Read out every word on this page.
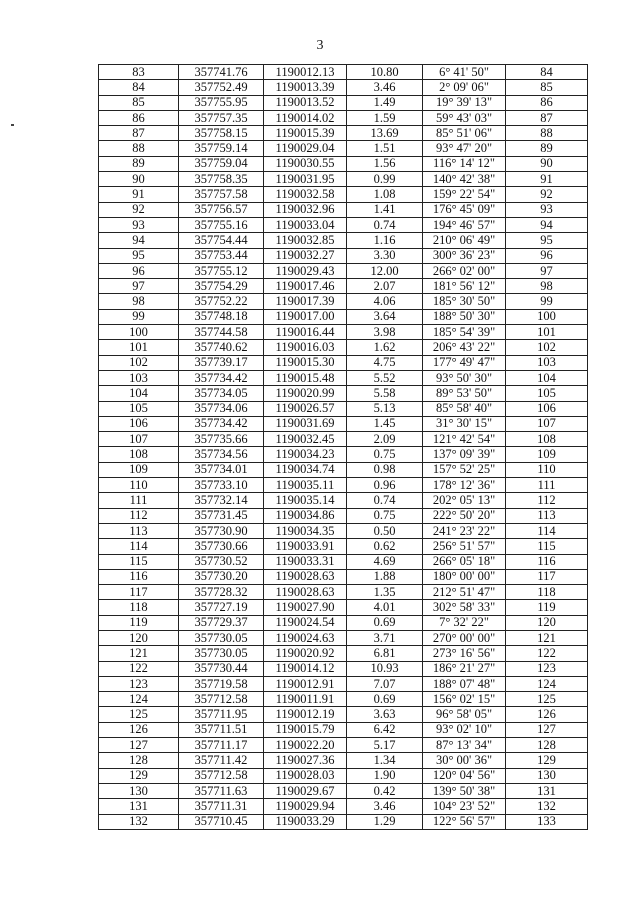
3
83	357741.76	1190012.13	10.80	6° 41' 50"	84
84	357752.49	1190013.39	3.46	2° 09' 06"	85
85	357755.95	1190013.52	1.49	19° 39' 13"	86
86	357757.35	1190014.02	1.59	59° 43' 03"	87
87	357758.15	1190015.39	13.69	85° 51' 06"	88
88	357759.14	1190029.04	1.51	93° 47' 20"	89
89	357759.04	1190030.55	1.56	116° 14' 12"	90
90	357758.35	1190031.95	0.99	140° 42' 38"	91
91	357757.58	1190032.58	1.08	159° 22' 54"	92
92	357756.57	1190032.96	1.41	176° 45' 09"	93
93	357755.16	1190033.04	0.74	194° 46' 57"	94
94	357754.44	1190032.85	1.16	210° 06' 49"	95
95	357753.44	1190032.27	3.30	300° 36' 23"	96
96	357755.12	1190029.43	12.00	266° 02' 00"	97
97	357754.29	1190017.46	2.07	181° 56' 12"	98
98	357752.22	1190017.39	4.06	185° 30' 50"	99
99	357748.18	1190017.00	3.64	188° 50' 30"	100
100	357744.58	1190016.44	3.98	185° 54' 39"	101
101	357740.62	1190016.03	1.62	206° 43' 22"	102
102	357739.17	1190015.30	4.75	177° 49' 47"	103
103	357734.42	1190015.48	5.52	93° 50' 30"	104
104	357734.05	1190020.99	5.58	89° 53' 50"	105
105	357734.06	1190026.57	5.13	85° 58' 40"	106
106	357734.42	1190031.69	1.45	31° 30' 15"	107
107	357735.66	1190032.45	2.09	121° 42' 54"	108
108	357734.56	1190034.23	0.75	137° 09' 39"	109
109	357734.01	1190034.74	0.98	157° 52' 25"	110
110	357733.10	1190035.11	0.96	178° 12' 36"	111
111	357732.14	1190035.14	0.74	202° 05' 13"	112
112	357731.45	1190034.86	0.75	222° 50' 20"	113
113	357730.90	1190034.35	0.50	241° 23' 22"	114
114	357730.66	1190033.91	0.62	256° 51' 57"	115
115	357730.52	1190033.31	4.69	266° 05' 18"	116
116	357730.20	1190028.63	1.88	180° 00' 00"	117
117	357728.32	1190028.63	1.35	212° 51' 47"	118
118	357727.19	1190027.90	4.01	302° 58' 33"	119
119	357729.37	1190024.54	0.69	7° 32' 22"	120
120	357730.05	1190024.63	3.71	270° 00' 00"	121
121	357730.05	1190020.92	6.81	273° 16' 56"	122
122	357730.44	1190014.12	10.93	186° 21' 27"	123
123	357719.58	1190012.91	7.07	188° 07' 48"	124
124	357712.58	1190011.91	0.69	156° 02' 15"	125
125	357711.95	1190012.19	3.63	96° 58' 05"	126
126	357711.51	1190015.79	6.42	93° 02' 10"	127
127	357711.17	1190022.20	5.17	87° 13' 34"	128
128	357711.42	1190027.36	1.34	30° 00' 36"	129
129	357712.58	1190028.03	1.90	120° 04' 56"	130
130	357711.63	1190029.67	0.42	139° 50' 38"	131
131	357711.31	1190029.94	3.46	104° 23' 52"	132
132	357710.45	1190033.29	1.29	122° 56' 57"	133
